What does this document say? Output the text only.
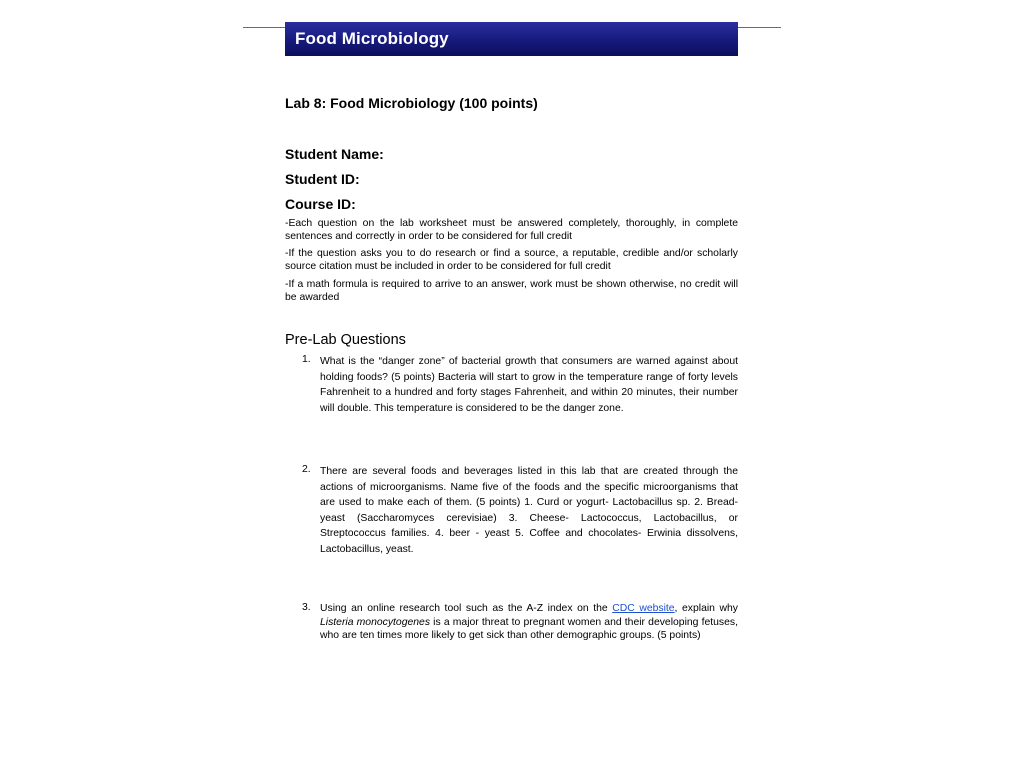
Food Microbiology
Lab 8: Food Microbiology (100 points)
Student Name:
Student ID:
Course ID:
-Each question on the lab worksheet must be answered completely, thoroughly, in complete sentences and correctly in order to be considered for full credit
-If the question asks you to do research or find a source, a reputable, credible and/or scholarly source citation must be included in order to be considered for full credit
-If a math formula is required to arrive to an answer, work must be shown otherwise, no credit will be awarded
Pre-Lab Questions
1. What is the “danger zone” of bacterial growth that consumers are warned against about holding foods? (5 points) Bacteria will start to grow in the temperature range of forty levels Fahrenheit to a hundred and forty stages Fahrenheit, and within 20 minutes, their number will double. This temperature is considered to be the danger zone.
2. There are several foods and beverages listed in this lab that are created through the actions of microorganisms. Name five of the foods and the specific microorganisms that are used to make each of them. (5 points) 1. Curd or yogurt- Lactobacillus sp. 2. Bread- yeast (Saccharomyces cerevisiae) 3. Cheese- Lactococcus, Lactobacillus, or Streptococcus families. 4. beer - yeast 5. Coffee and chocolates- Erwinia dissolvens, Lactobacillus, yeast.
3. Using an online research tool such as the A-Z index on the CDC website, explain why Listeria monocytogenes is a major threat to pregnant women and their developing fetuses, who are ten times more likely to get sick than other demographic groups. (5 points)
